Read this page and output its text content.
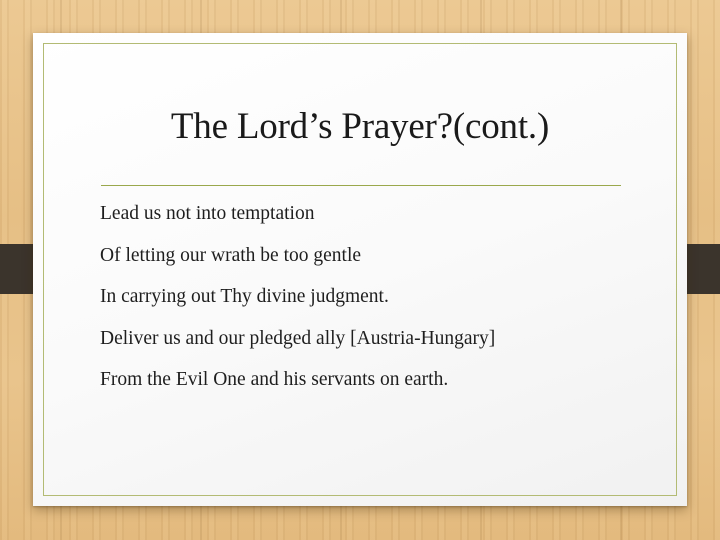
The Lord’s Prayer?(cont.)
Lead us not into temptation
Of letting our wrath be too gentle
In carrying out Thy divine judgment.
Deliver us and our pledged ally [Austria-Hungary]
From the Evil One and his servants on earth.
